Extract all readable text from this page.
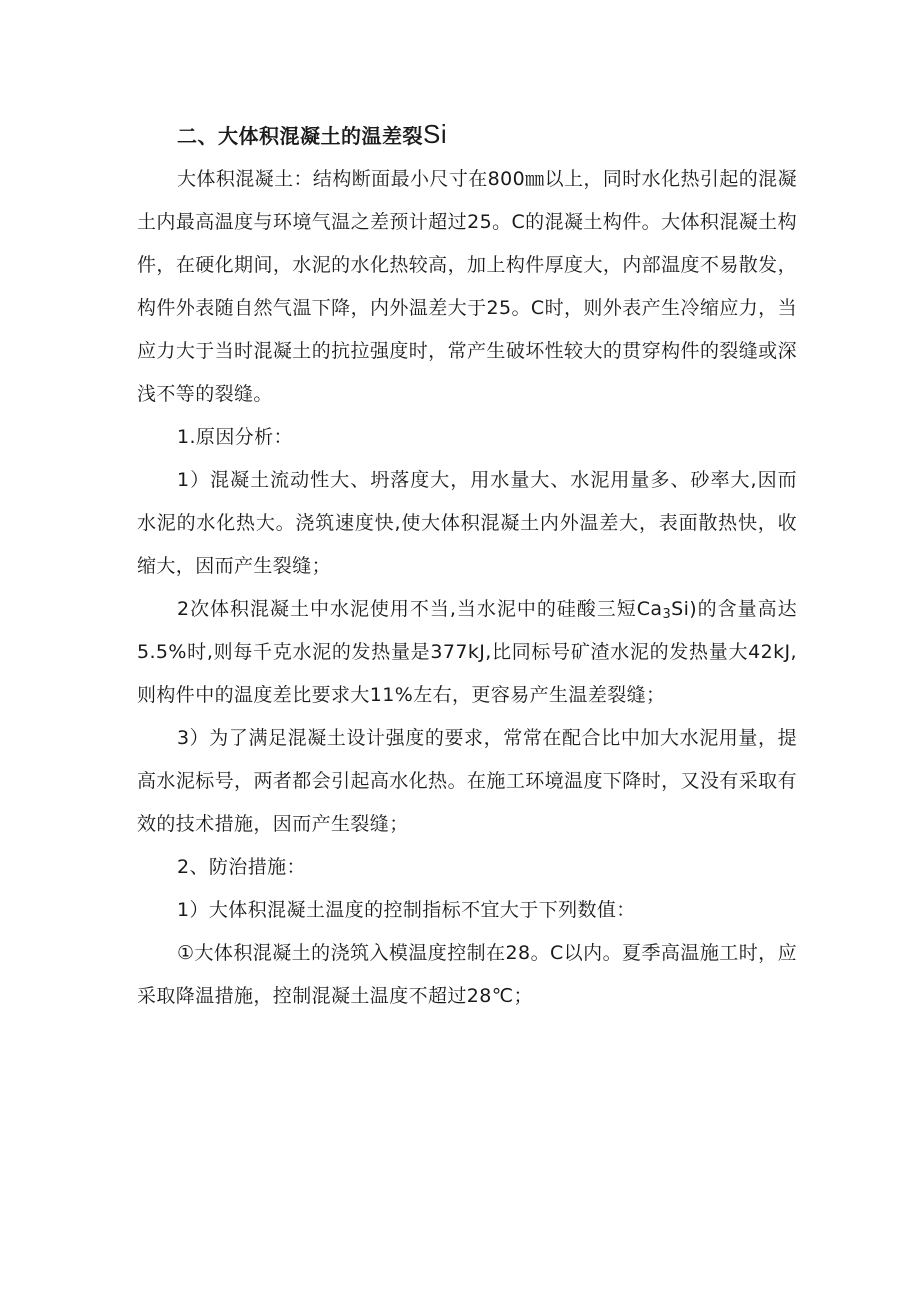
二、大体积混凝土的温差裂Si

大体积混凝土：结构断面最小尺寸在800㎜以上，同时水化热引起的混凝土内最高温度与环境气温之差预计超过25。C的混凝土构件。大体积混凝土构件，在硬化期间，水泥的水化热较高，加上构件厚度大，内部温度不易散发，构件外表随自然气温下降，内外温差大于25。C时，则外表产生冷缩应力，当应力大于当时混凝土的抗拉强度时，常产生破坏性较大的贯穿构件的裂缝或深浅不等的裂缝。

1.原因分析：

1）混凝土流动性大、坍落度大，用水量大、水泥用量多、砂率大,因而水泥的水化热大。浇筑速度快,使大体积混凝土内外温差大，表面散热快，收缩大，因而产生裂缝；

2次体积混凝土中水泥使用不当,当水泥中的硅酸三短$Ca_3Si$)的含量高达5.5%时,则每千克水泥的发热量是377kJ,比同标号矿渣水泥的发热量大42kJ,则构件中的温度差比要求大11%左右，更容易产生温差裂缝；

3）为了满足混凝土设计强度的要求，常常在配合比中加大水泥用量，提高水泥标号，两者都会引起高水化热。在施工环境温度下降时，又没有采取有效的技术措施，因而产生裂缝；

2、防治措施：

1）大体积混凝土温度的控制指标不宜大于下列数值：

①大体积混凝土的浇筑入模温度控制在28。C以内。夏季高温施工时，应采取降温措施，控制混凝土温度不超过28℃；
